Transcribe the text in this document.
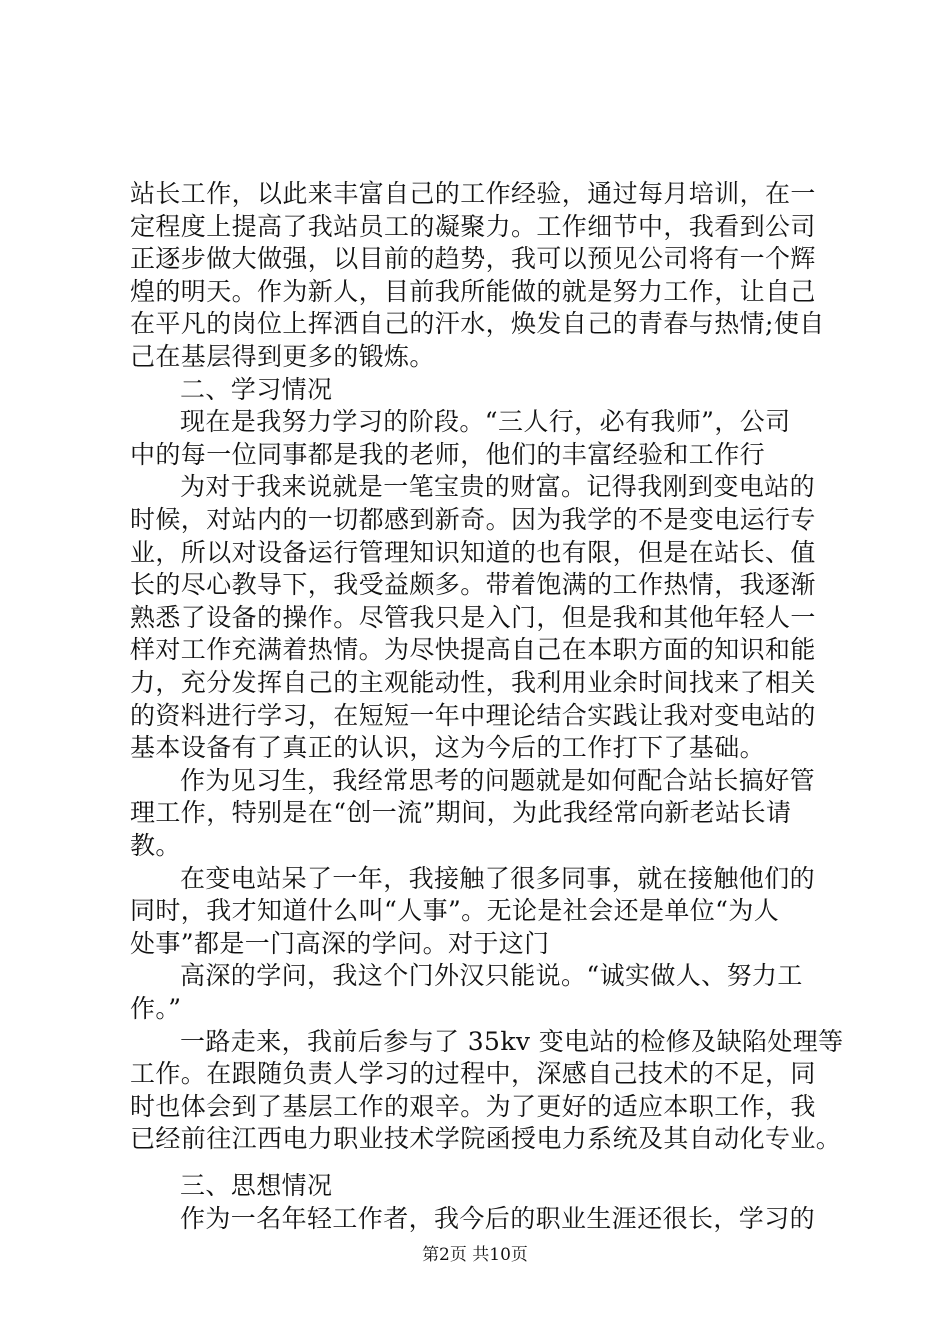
站长工作，以此来丰富自己的工作经验，通过每月培训，在一
定程度上提高了我站员工的凝聚力。工作细节中，我看到公司
正逐步做大做强，以目前的趋势，我可以预见公司将有一个辉
煌的明天。作为新人，目前我所能做的就是努力工作，让自己
在平凡的岗位上挥洒自己的汗水，焕发自己的青春与热情;使自
己在基层得到更多的锻炼。
二、学习情况
现在是我努力学习的阶段。“三人行，必有我师”，公司
中的每一位同事都是我的老师，他们的丰富经验和工作行
为对于我来说就是一笔宝贵的财富。记得我刚到变电站的
时候，对站内的一切都感到新奇。因为我学的不是变电运行专
业，所以对设备运行管理知识知道的也有限，但是在站长、值
长的尽心教导下，我受益颇多。带着饱满的工作热情，我逐渐
熟悉了设备的操作。尽管我只是入门，但是我和其他年轻人一
样对工作充满着热情。为尽快提高自己在本职方面的知识和能
力，充分发挥自己的主观能动性，我利用业余时间找来了相关
的资料进行学习，在短短一年中理论结合实践让我对变电站的
基本设备有了真正的认识，这为今后的工作打下了基础。
作为见习生，我经常思考的问题就是如何配合站长搞好管
理工作，特别是在“创一流”期间，为此我经常向新老站长请
教。
在变电站呆了一年，我接触了很多同事，就在接触他们的
同时，我才知道什么叫“人事”。无论是社会还是单位“为人
处事”都是一门高深的学问。对于这门
高深的学问，我这个门外汉只能说。“诚实做人、努力工
作。”
一路走来，我前后参与了 35kv 变电站的检修及缺陷处理等
工作。在跟随负责人学习的过程中，深感自己技术的不足，同
时也体会到了基层工作的艰辛。为了更好的适应本职工作，我
已经前往江西电力职业技术学院函授电力系统及其自动化专业。
三、思想情况
作为一名年轻工作者，我今后的职业生涯还很长，学习的
第2页 共10页
